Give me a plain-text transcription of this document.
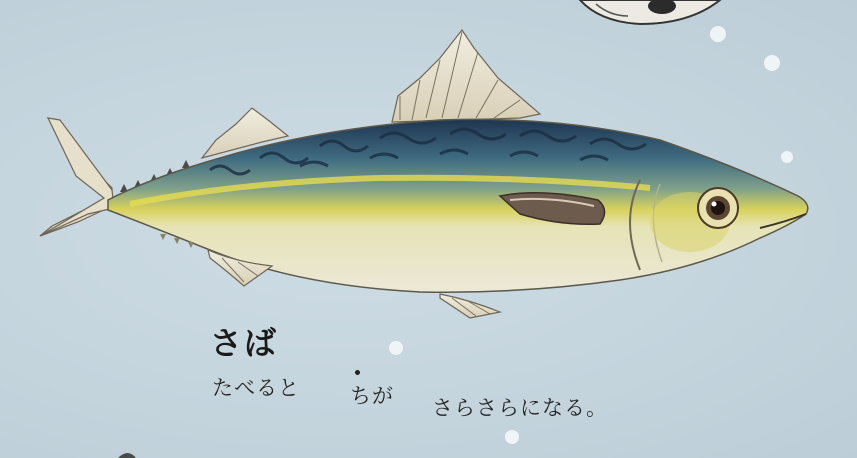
さば
たべると ちが さらさらになる。
